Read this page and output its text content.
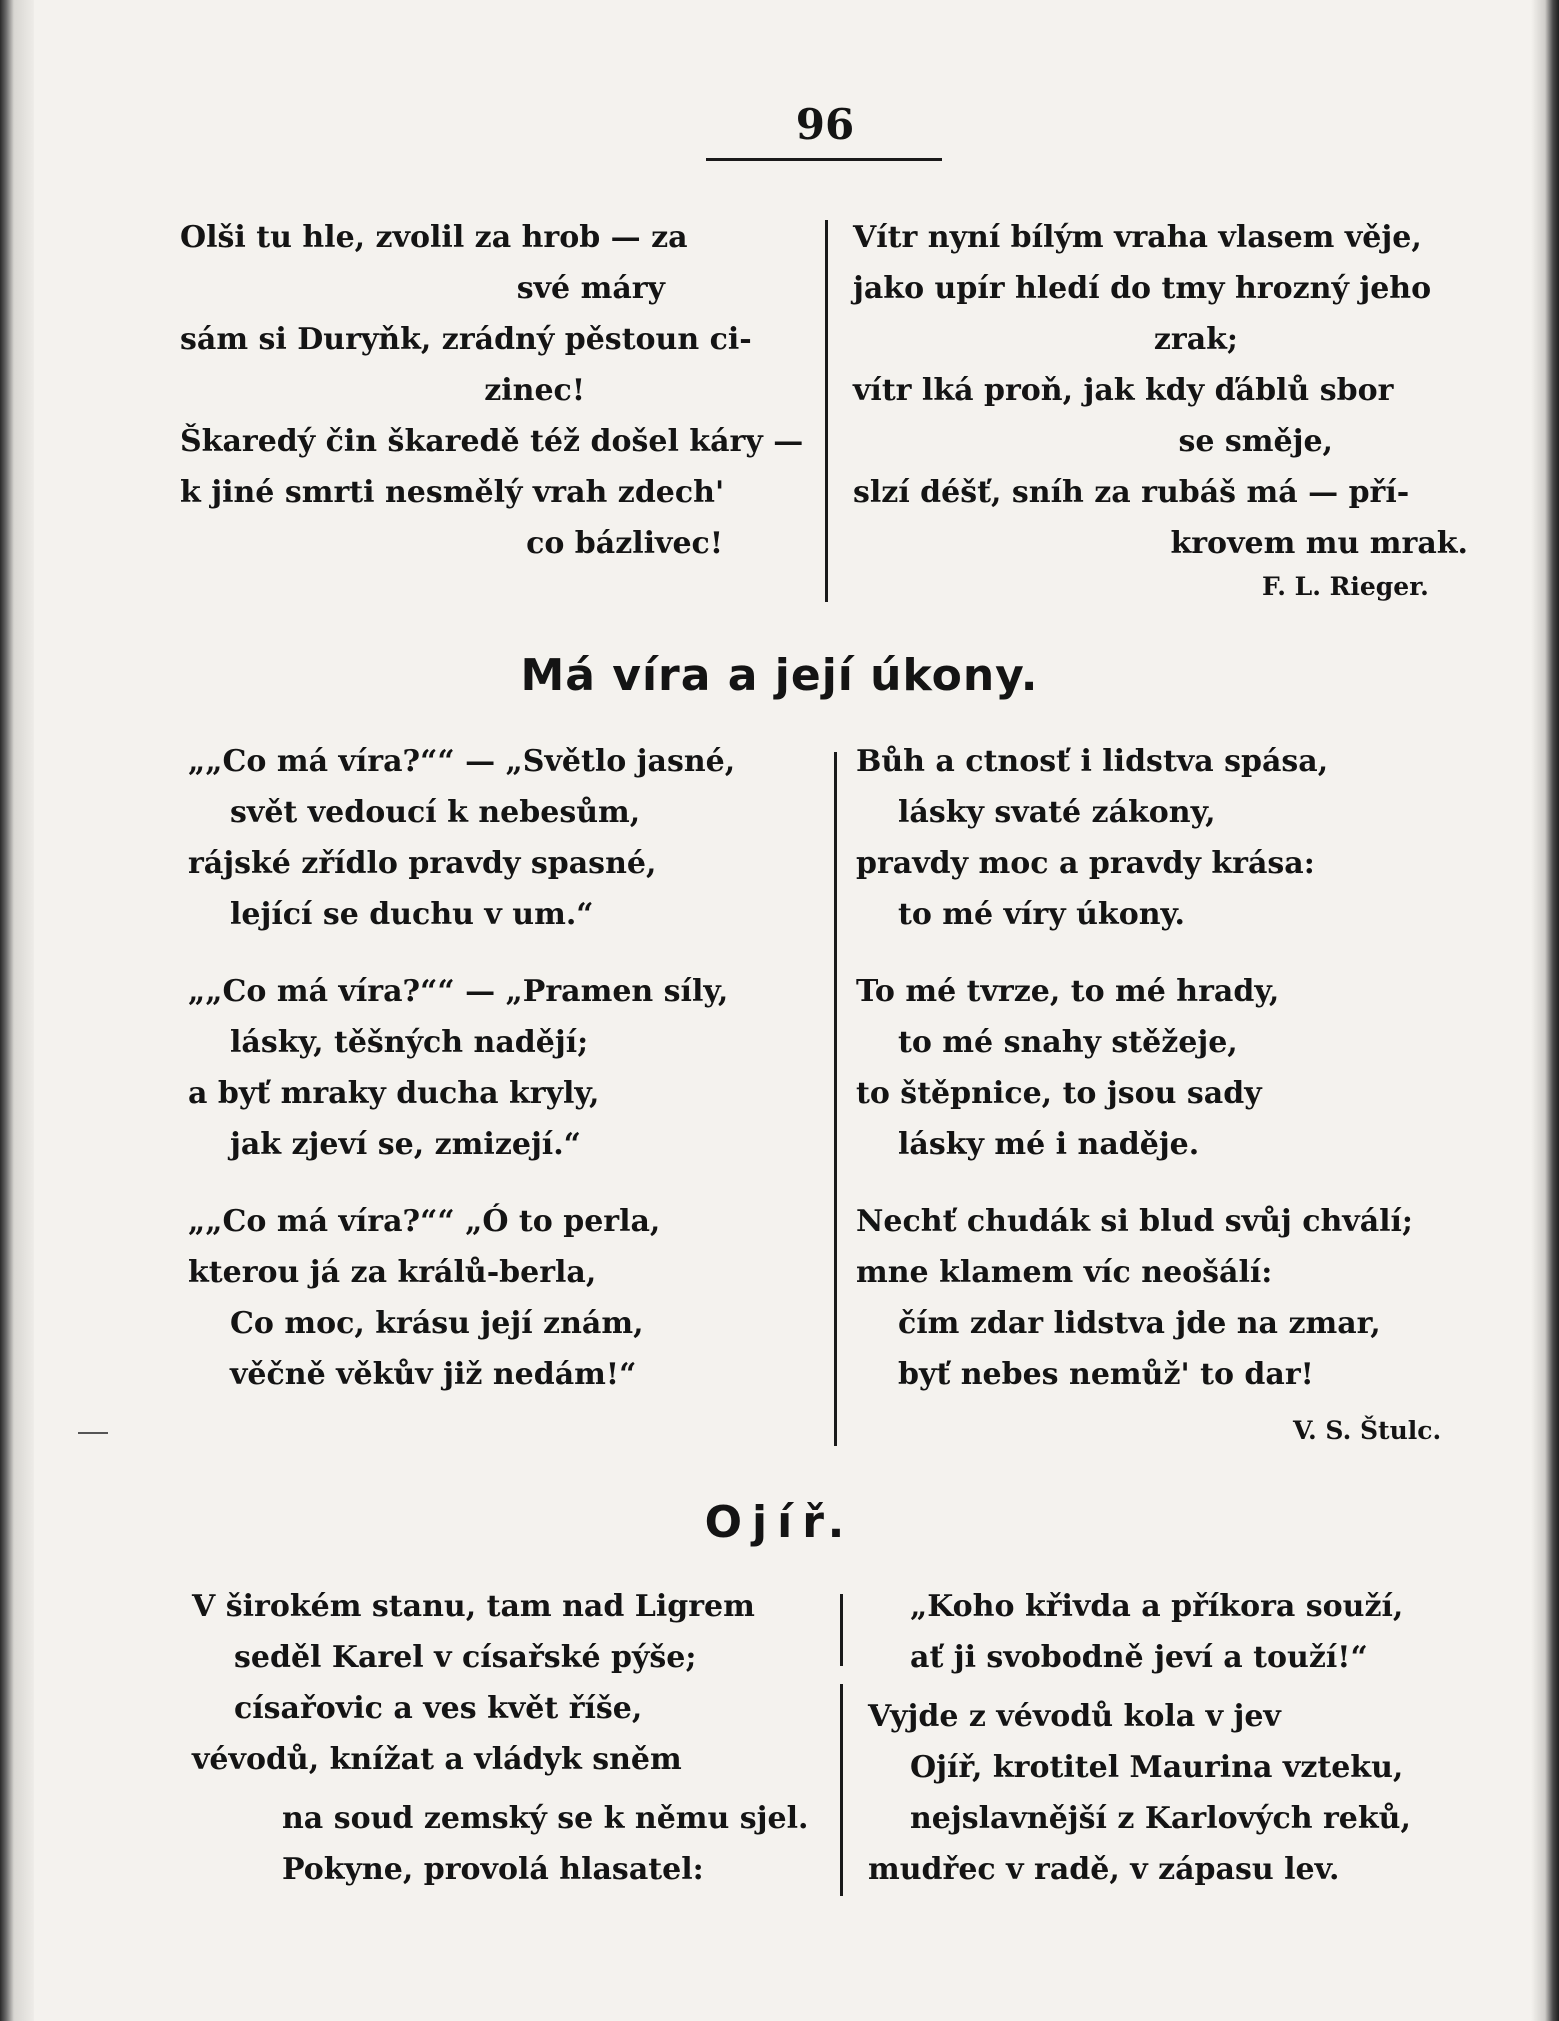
96
Olši tu hle, zvolil za hrob — za
své máry
sám si Duryňk, zrádný pěstoun ci-
zinec!
Škaredý čin škaredě též došel káry —
k jiné smrti nesmělý vrah zdech'
co bázlivec!
Vítr nyní bílým vraha vlasem věje,
jako upír hledí do tmy hrozný jeho
zrak;
vítr lká proň, jak kdy ďáblů sbor
se směje,
slzí déšť, sníh za rubáš má — pří-
krovem mu mrak.
F. L. Rieger.
Má víra a její úkony.
„„Co má víra?““ — „Světlo jasné,
svět vedoucí k nebesům,
rájské zřídlo pravdy spasné,
lející se duchu v um.“
„„Co má víra?““ — „Pramen síly,
lásky, těšných nadějí;
a byť mraky ducha kryly,
jak zjeví se, zmizejí.“
„„Co má víra?““ „Ó to perla,
kterou já za králů-berla,
Co moc, krásu její znám,
věčně věkův již nedám!“
Bůh a ctnosť i lidstva spása,
lásky svaté zákony,
pravdy moc a pravdy krása:
to mé víry úkony.
To mé tvrze, to mé hrady,
to mé snahy stěžeje,
to štěpnice, to jsou sady
lásky mé i naděje.
Nechť chudák si blud svůj chválí;
mne klamem víc neošálí:
čím zdar lidstva jde na zmar,
byť nebes nemůž' to dar!
V. S. Štulc.
Ojíř.
V širokém stanu, tam nad Ligrem
seděl Karel v císařské pýše;
císařovic a ves květ říše,
vévodů, knížat a vládyk sněm
na soud zemský se k němu sjel.
Pokyne, provolá hlasatel:
„Koho křivda a příkora souží,
ať ji svobodně jeví a touží!“
Vyjde z vévodů kola v jev
Ojíř, krotitel Maurina vzteku,
nejslavnější z Karlových reků,
mudřec v radě, v zápasu lev.
